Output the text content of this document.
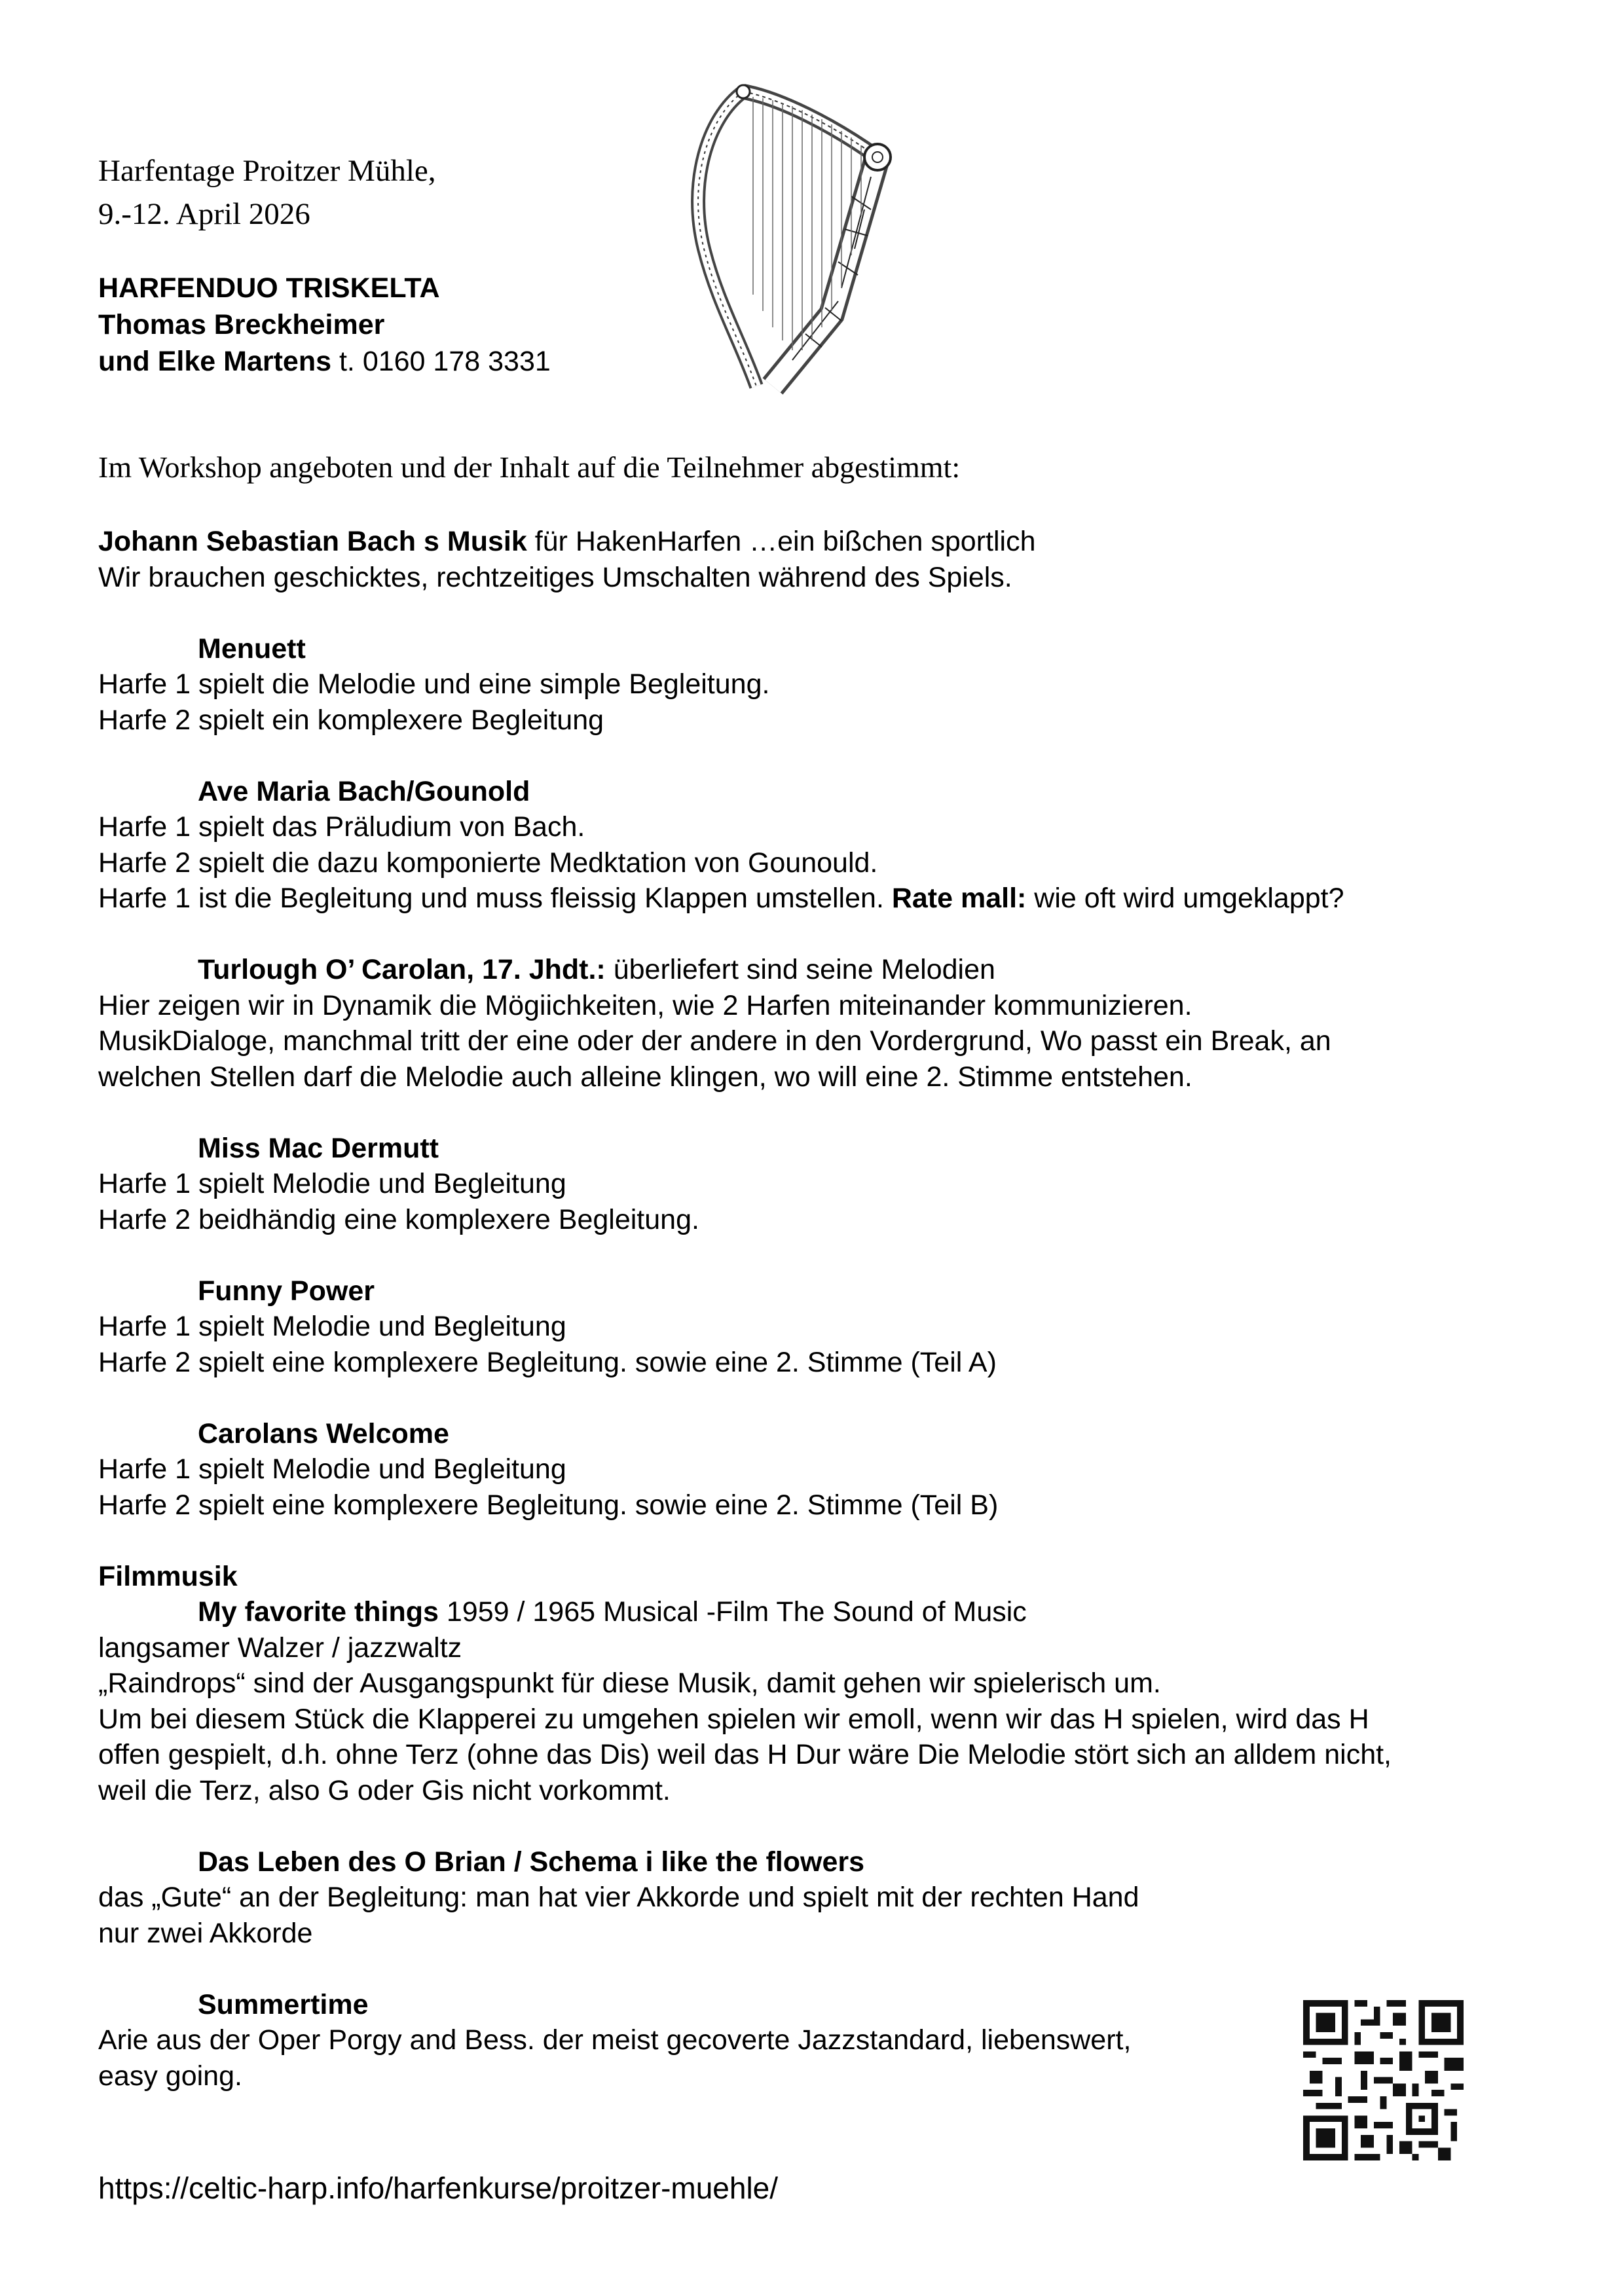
Harfentage Proitzer Mühle,
9.-12. April 2026
HARFENDUO TRISKELTA
Thomas Breckheimer
und Elke Martens t. 0160 178 3331
Im Workshop angeboten und der Inhalt auf die Teilnehmer abgestimmt:

Johann Sebastian Bach s Musik für HakenHarfen …ein bißchen sportlich

Wir brauchen geschicktes, rechtzeitiges Umschalten während des Spiels.

Menuett

Harfe 1 spielt die Melodie und eine simple Begleitung.

Harfe 2 spielt ein komplexere Begleitung

Ave Maria Bach/Gounold

Harfe 1 spielt das Präludium von Bach.

Harfe 2 spielt die dazu komponierte Medktation von Gounould.

Harfe 1 ist die Begleitung und muss fleissig Klappen umstellen. Rate mall: wie oft wird umgeklappt?

Turlough O’ Carolan, 17. Jhdt.: überliefert sind seine Melodien

Hier zeigen wir in Dynamik die Mögiichkeiten, wie 2 Harfen miteinander kommunizieren.

MusikDialoge, manchmal tritt der eine oder der andere in den Vordergrund, Wo passt ein Break, an

welchen Stellen darf die Melodie auch alleine klingen, wo will eine 2. Stimme entstehen.

Miss Mac Dermutt

Harfe 1 spielt Melodie und Begleitung

Harfe 2 beidhändig eine komplexere Begleitung.

Funny Power

Harfe 1 spielt Melodie und Begleitung

Harfe 2 spielt eine komplexere Begleitung. sowie eine 2. Stimme (Teil A)

Carolans Welcome

Harfe 1 spielt Melodie und Begleitung

Harfe 2 spielt eine komplexere Begleitung. sowie eine 2. Stimme (Teil B)

Filmmusik

My favorite things 1959 / 1965 Musical -Film The Sound of Music

langsamer Walzer / jazzwaltz

„Raindrops“ sind der Ausgangspunkt für diese Musik, damit gehen wir spielerisch um.

Um bei diesem Stück die Klapperei zu umgehen spielen wir emoll, wenn wir das H spielen, wird das H

offen gespielt, d.h. ohne Terz (ohne das Dis) weil das H Dur wäre Die Melodie stört sich an alldem nicht,

weil die Terz, also G oder Gis nicht vorkommt.

Das Leben des O Brian / Schema i like the flowers

das „Gute“ an der Begleitung: man hat vier Akkorde und spielt mit der rechten Hand

nur zwei Akkorde

Summertime

Arie aus der Oper Porgy and Bess. der meist gecoverte Jazzstandard, liebenswert,

easy going.

https://celtic-harp.info/harfenkurse/proitzer-muehle/
